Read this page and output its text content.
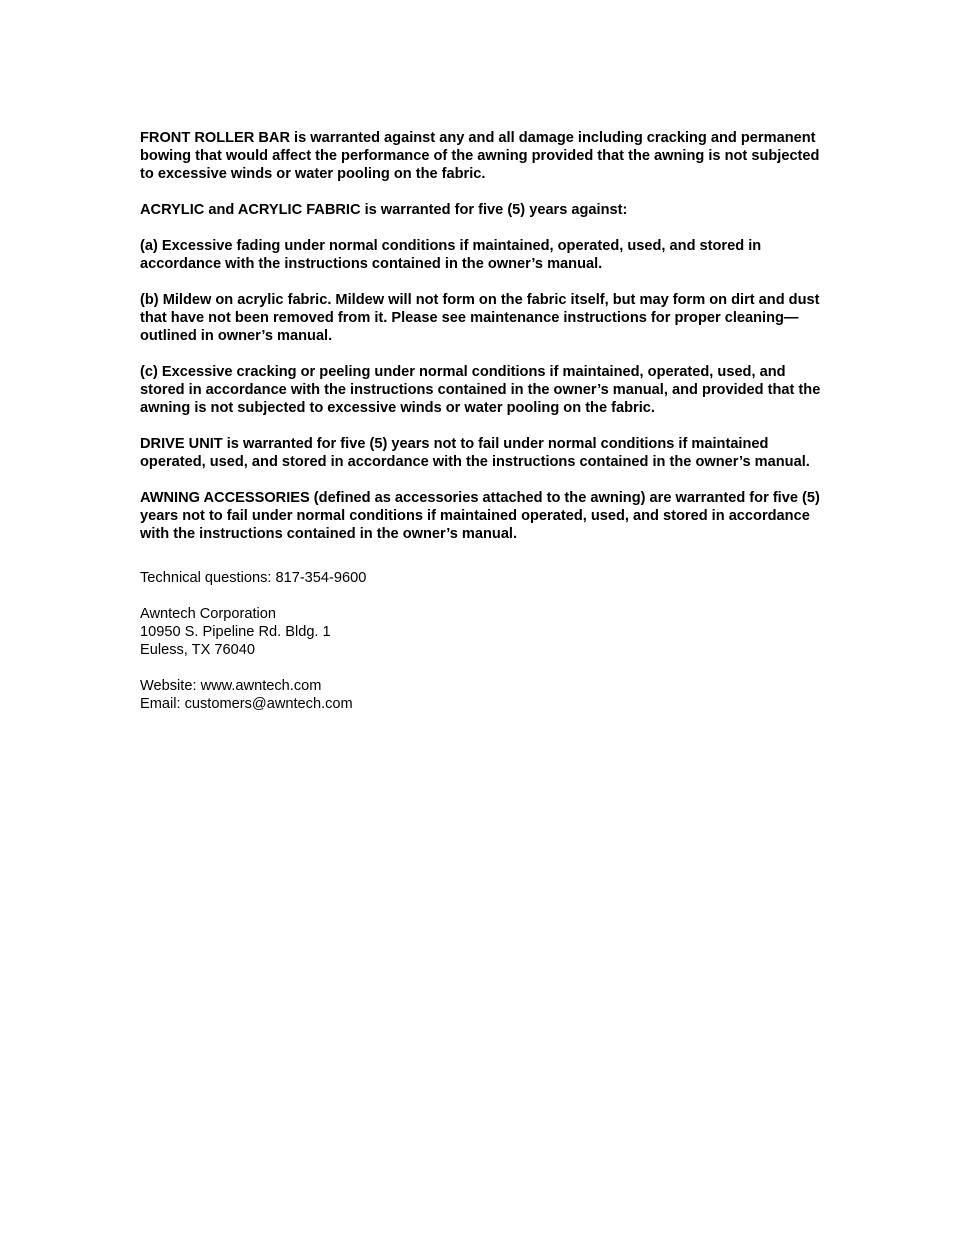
FRONT ROLLER BAR is warranted against any and all damage including cracking and permanent bowing that would affect the performance of the awning provided that the awning is not subjected to excessive winds or water pooling on the fabric.

ACRYLIC and ACRYLIC FABRIC is warranted for five (5) years against:

(a) Excessive fading under normal conditions if maintained, operated, used, and stored in accordance with the instructions contained in the owner’s manual.

(b) Mildew on acrylic fabric. Mildew will not form on the fabric itself, but may form on dirt and dust that have not been removed from it. Please see maintenance instructions for proper cleaning—outlined in owner’s manual.

(c) Excessive cracking or peeling under normal conditions if maintained, operated, used, and stored in accordance with the instructions contained in the owner’s manual, and provided that the awning is not subjected to excessive winds or water pooling on the fabric.

DRIVE UNIT is warranted for five (5) years not to fail under normal conditions if maintained operated, used, and stored in accordance with the instructions contained in the owner’s manual.

AWNING ACCESSORIES (defined as accessories attached to the awning) are warranted for five (5) years not to fail under normal conditions if maintained operated, used, and stored in accordance with the instructions contained in the owner’s manual.

Technical questions: 817-354-9600

Awntech Corporation

10950 S. Pipeline Rd. Bldg. 1

Euless, TX 76040

Website: www.awntech.com

Email: customers@awntech.com
